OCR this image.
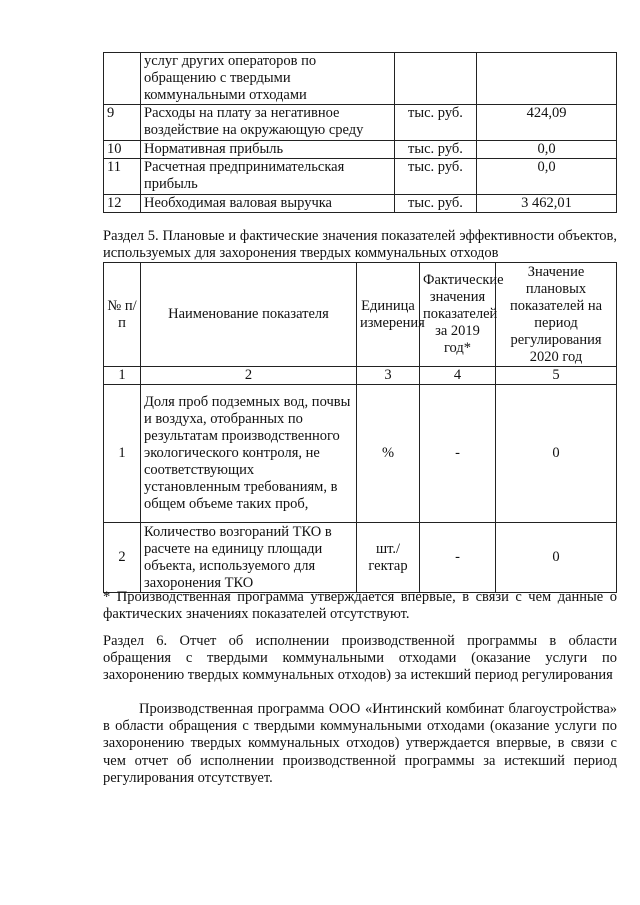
	услуг других операторов по обращению с твердыми коммунальными отходами		
9	Расходы на плату за негативное воздействие на окружающую среду	тыс. руб.	424,09
10	Нормативная прибыль	тыс. руб.	0,0
11	Расчетная предпринимательская прибыль	тыс. руб.	0,0
12	Необходимая валовая выручка	тыс. руб.	3 462,01
Раздел 5. Плановые и фактические значения показателей эффективности объектов, используемых для захоронения твердых коммунальных отходов
№ п/п	Наименование показателя	Единица измерения	Фактические значения показателей за 2019 год*	Значение плановых показателей на период регулирования 2020 год
1	2	3	4	5
1	Доля проб подземных вод, почвы и воздуха, отобранных по результатам производственного экологического контроля, не соответствующих установленным требованиям, в общем объеме таких проб,	%	-	0
2	Количество возгораний ТКО в расчете на единицу площади объекта, используемого для захоронения ТКО	шт./ гектар	-	0
* Производственная программа утверждается впервые, в связи с чем данные о фактических значениях показателей отсутствуют.
Раздел 6. Отчет об исполнении производственной программы в области обращения с твердыми коммунальными отходами (оказание услуги по захоронению твердых коммунальных отходов) за истекший период регулирования
Производственная программа ООО «Интинский комбинат благоустройства» в области обращения с твердыми коммунальными отходами (оказание услуги по захоронению твердых коммунальных отходов) утверждается впервые, в связи с чем отчет об исполнении производственной программы за истекший период регулирования отсутствует.
